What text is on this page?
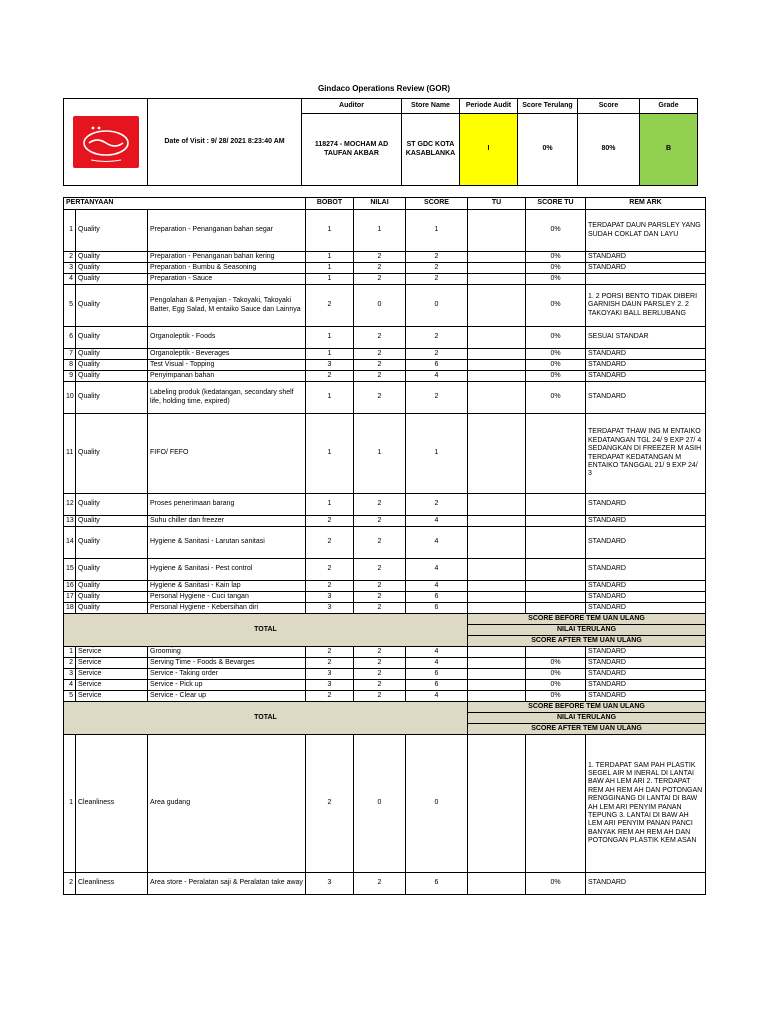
Gindaco Operations Review (GOR)
	Date of Visit : 9/ 28/ 2021 8:23:40 AM	Auditor	Store Name	Periode Audit	Score Terulang	Score	Grade
		118274 - MOCHAM AD TAUFAN AKBAR	ST GDC KOTA KASABLANKA	I	0%	80%	B
PERTANYAAN			BOBOT	NILAI	SCORE	TU	SCORE TU	REM ARK	
1	Quality	Preparation - Penanganan bahan segar	1	1	1		0%	TERDAPAT DAUN PARSLEY YANG SUDAH COKLAT DAN LAYU	
2	Quality	Preparation - Penanganan bahan kering	1	2	2		0%	STANDARD	
3	Quality	Preparation - Bumbu & Seasoning	1	2	2		0%	STANDARD	
4	Quality	Preparation - Sauce	1	2	2		0%		
5	Quality	Pengolahan & Penyajian - Takoyaki, Takoyaki Batter, Egg Salad, M entaiko Sauce dan Lainnya	2	0	0		0%	1. 2 PORSI BENTO TIDAK DIBERI GARNISH DAUN PARSLEY 2. 2 TAKOYAKI BALL BERLUBANG	
6	Quality	Organoleptik - Foods	1	2	2		0%	SESUAI STANDAR	
7	Quality	Organoleptik - Beverages	1	2	2		0%	STANDARD	
8	Quality	Test Visual - Topping	3	2	6		0%	STANDARD	
9	Quality	Penyimpanan bahan	2	2	4		0%	STANDARD	
10	Quality	Labeling produk (kedatangan, secondary shelf life, holding time, expired)	1	2	2		0%	STANDARD	
11	Quality	FIFO/ FEFO	1	1	1			TERDAPAT THAW ING M ENTAIKO KEDATANGAN TGL 24/ 9 EXP 27/ 4 SEDANGKAN DI FREEZER M ASIH TERDAPAT KEDATANGAN M ENTAIKO TANGGAL 21/ 9 EXP 24/ 3	
12	Quality	Proses penerimaan barang	1	2	2			STANDARD	
13	Quality	Suhu chiller dan freezer	2	2	4			STANDARD	
14	Quality	Hygiene & Sanitasi - Larutan sanitasi	2	2	4			STANDARD	
15	Quality	Hygiene & Sanitasi - Pest control	2	2	4			STANDARD	
16	Quality	Hygiene & Sanitasi - Kain lap	2	2	4			STANDARD	
17	Quality	Personal Hygiene - Cuci tangan	3	2	6			STANDARD	
18	Quality	Personal Hygiene - Kebersihan diri	3	2	6			STANDARD	
TOTAL						SCORE BEFORE TEM UAN ULANG		
						NILAI TERULANG		
						SCORE AFTER TEM UAN ULANG		
1	Service	Grooming	2	2	4			STANDARD	
2	Service	Serving Time - Foods & Bevarges	2	2	4		0%	STANDARD	
3	Service	Service - Taking order	3	2	6		0%	STANDARD	
4	Service	Service - Pick up	3	2	6		0%	STANDARD	
5	Service	Service - Clear up	2	2	4		0%	STANDARD	
TOTAL						SCORE BEFORE TEM UAN ULANG		
						NILAI TERULANG		
						SCORE AFTER TEM UAN ULANG		
1	Cleanliness	Area gudang	2	0	0			1. TERDAPAT SAM PAH PLASTIK SEGEL AIR M INERAL DI LANTAI BAW AH LEM ARI 2. TERDAPAT REM AH REM AH DAN POTONGAN RENGGINANG DI LANTAI DI BAW AH LEM ARI PENYIM PANAN TEPUNG 3. LANTAI DI BAW AH LEM ARI PENYIM PANAN PANCI BANYAK REM AH REM AH DAN POTONGAN PLASTIK KEM ASAN	
2	Cleanliness	Area store - Peralatan saji & Peralatan take away	3	2	6		0%	STANDARD	
